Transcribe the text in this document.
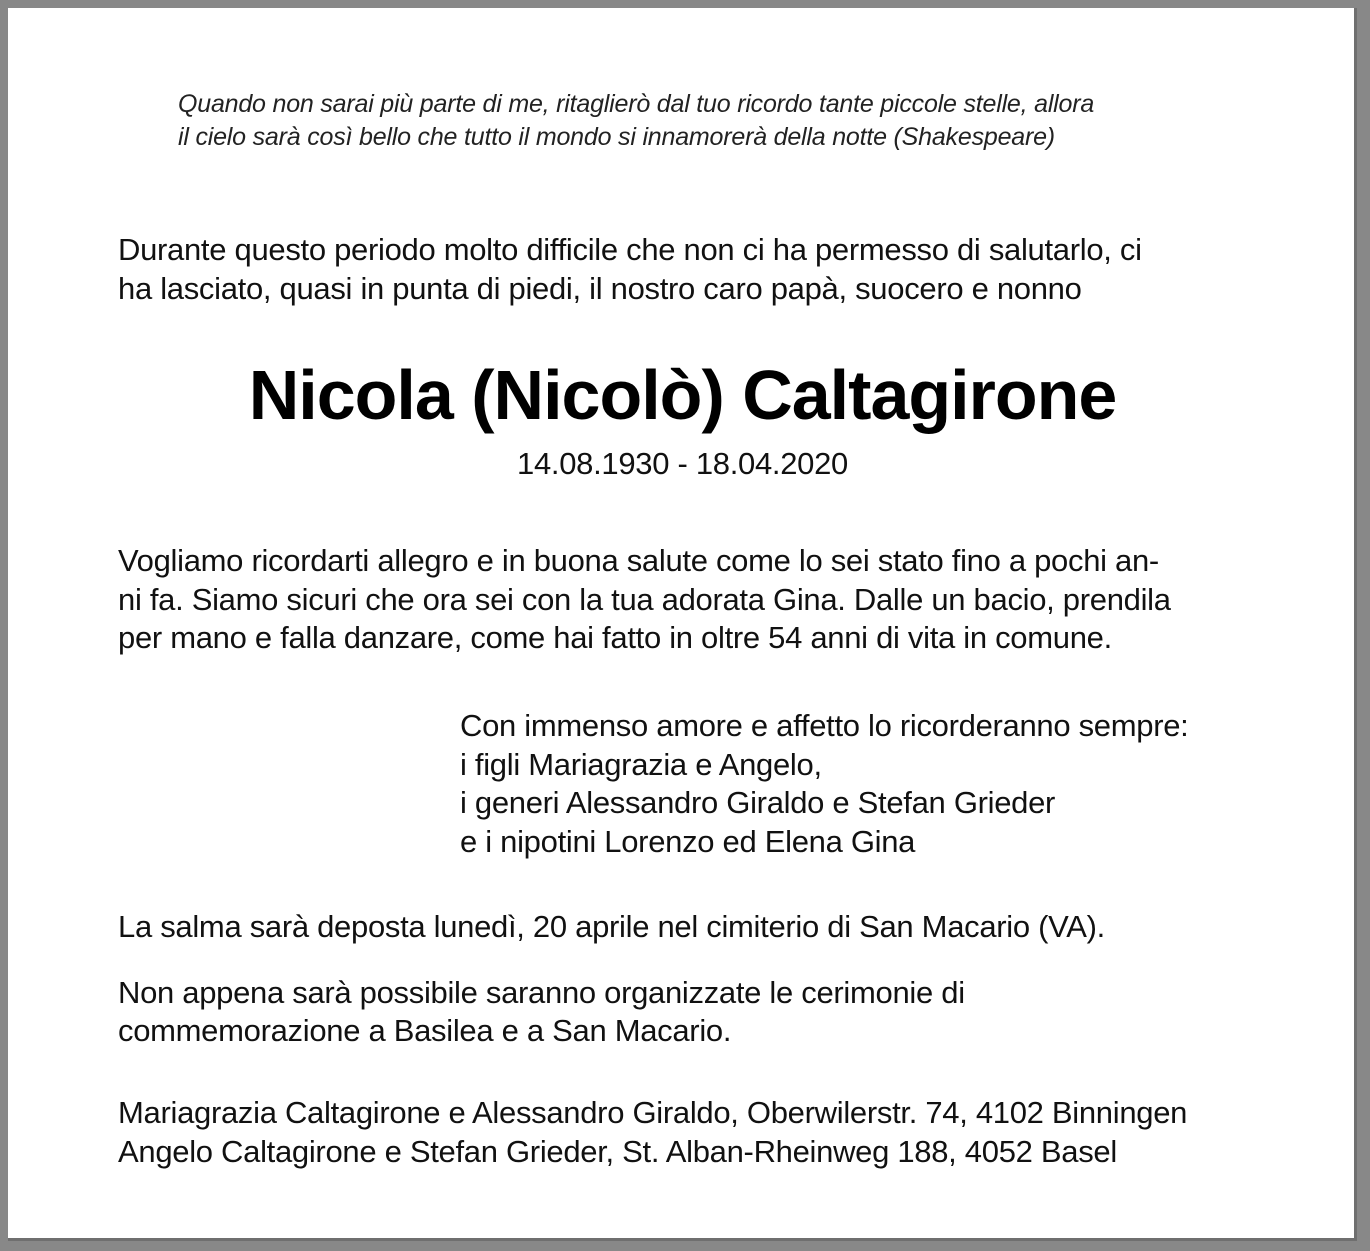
Quando non sarai più parte di me, ritaglierò dal tuo ricordo tante piccole stelle, allora
il cielo sarà così bello che tutto il mondo si innamorerà della notte (Shakespeare)
Durante questo periodo molto difficile che non ci ha permesso di salutarlo, ci
ha lasciato, quasi in punta di piedi, il nostro caro papà, suocero e nonno
Nicola (Nicolò) Caltagirone
14.08.1930 - 18.04.2020
Vogliamo ricordarti allegro e in buona salute come lo sei stato fino a pochi an-
ni fa. Siamo sicuri che ora sei con la tua adorata Gina. Dalle un bacio, prendila
per mano e falla danzare, come hai fatto in oltre 54 anni di vita in comune.
Con immenso amore e affetto lo ricorderanno sempre:
i figli Mariagrazia e Angelo,
i generi Alessandro Giraldo e Stefan Grieder
e i nipotini Lorenzo ed Elena Gina
La salma sarà deposta lunedì, 20 aprile nel cimiterio di San Macario (VA).
Non appena sarà possibile saranno organizzate le cerimonie di
commemorazione a Basilea e a San Macario.
Mariagrazia Caltagirone e Alessandro Giraldo, Oberwilerstr. 74, 4102 Binningen
Angelo Caltagirone e Stefan Grieder, St. Alban-Rheinweg 188, 4052 Basel
